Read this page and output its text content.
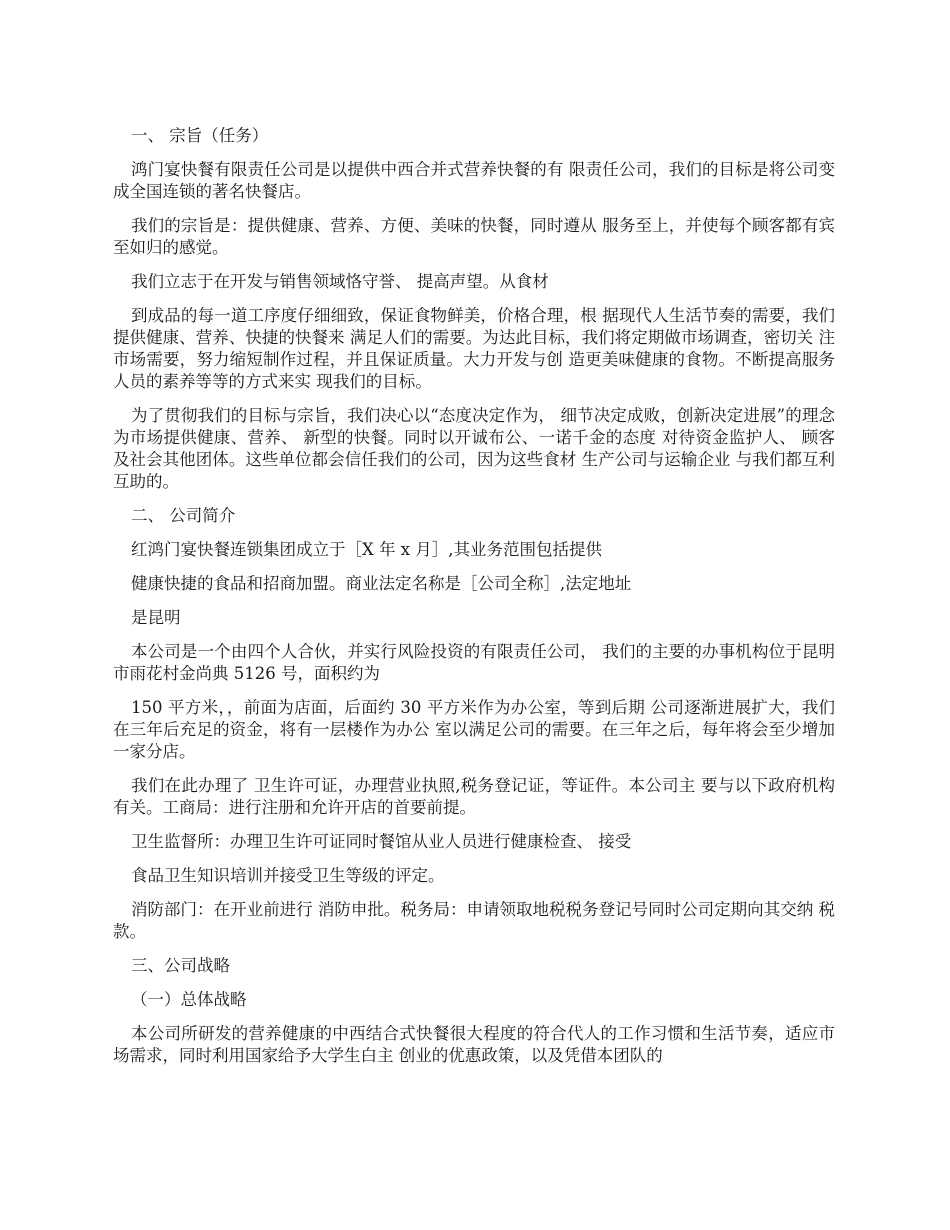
一、 宗旨（任务）

鸿门宴快餐有限责任公司是以提供中西合并式营养快餐的有 限责任公司，我们的目标是将公司变成全国连锁的著名快餐店。

我们的宗旨是：提供健康、营养、方便、美味的快餐，同时遵从 服务至上，并使每个顾客都有宾至如归的感觉。

我们立志于在开发与销售领域恪守誉、 提高声望。从食材

到成品的每一道工序度仔细细致，保证食物鲜美，价格合理，根 据现代人生活节奏的需要，我们提供健康、营养、快捷的快餐来 满足人们的需要。为达此目标，我们将定期做市场调查，密切关 注市场需要，努力缩短制作过程，并且保证质量。大力开发与创 造更美味健康的食物。不断提高服务人员的素养等等的方式来实 现我们的目标。

为了贯彻我们的目标与宗旨，我们决心以“态度决定作为， 细节决定成败，创新决定进展”的理念为市场提供健康、营养、 新型的快餐。同时以开诚布公、一诺千金的态度 对待资金监护人、 顾客及社会其他团体。这些单位都会信任我们的公司，因为这些食材 生产公司与运输企业 与我们都互利互助的。

二、 公司简介

红鸿门宴快餐连锁集团成立于［X 年 x 月］,其业务范围包括提供

健康快捷的食品和招商加盟。商业法定名称是［公司全称］,法定地址

是昆明

本公司是一个由四个人合伙，并实行风险投资的有限责任公司， 我们的主要的办事机构位于昆明市雨花村金尚典 5126 号，面积约为

150 平方米，，前面为店面，后面约 30 平方米作为办公室，等到后期 公司逐渐进展扩大，我们在三年后充足的资金，将有一层楼作为办公 室以满足公司的需要。在三年之后，每年将会至少增加一家分店。

我们在此办理了 卫生许可证，办理营业执照,税务登记证，等证件。本公司主 要与以下政府机构有关。工商局：进行注册和允许开店的首要前提。

卫生监督所：办理卫生许可证同时餐馆从业人员进行健康检查、 接受

食品卫生知识培训并接受卫生等级的评定。

消防部门：在开业前进行 消防申批。税务局：申请领取地税税务登记号同时公司定期向其交纳 税款。

三、公司战略

（一）总体战略

本公司所研发的营养健康的中西结合式快餐很大程度的符合代人的工作习惯和生活节奏，适应市场需求，同时利用国家给予大学生白主 创业的优惠政策，以及凭借本团队的
